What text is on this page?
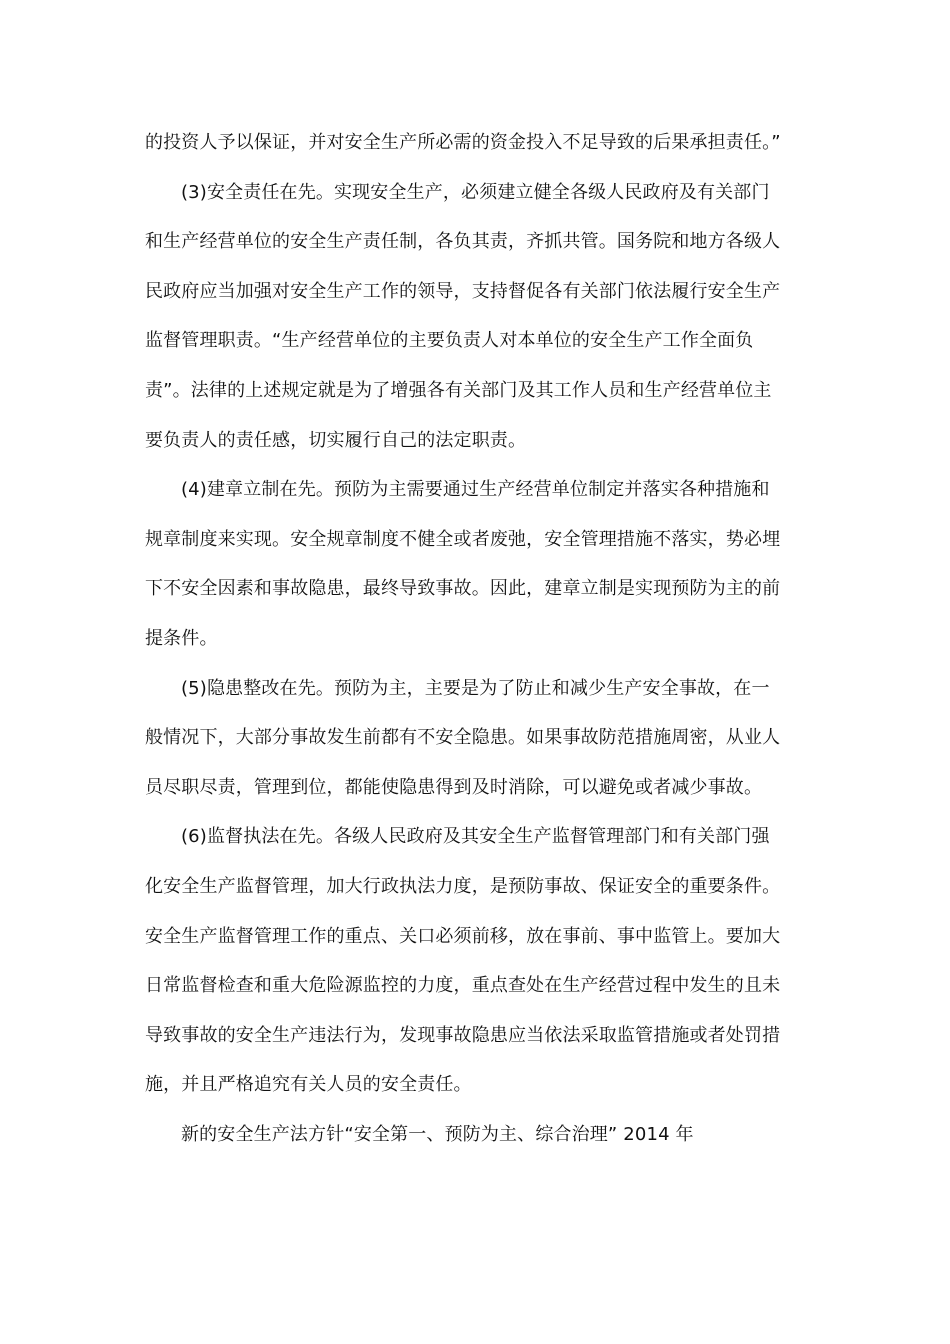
的投资人予以保证，并对安全生产所必需的资金投入不足导致的后果承担责任。”
(3)安全责任在先。实现安全生产，必须建立健全各级人民政府及有关部门
和生产经营单位的安全生产责任制，各负其责，齐抓共管。国务院和地方各级人
民政府应当加强对安全生产工作的领导，支持督促各有关部门依法履行安全生产
监督管理职责。“生产经营单位的主要负责人对本单位的安全生产工作全面负
责”。法律的上述规定就是为了增强各有关部门及其工作人员和生产经营单位主
要负责人的责任感，切实履行自己的法定职责。
(4)建章立制在先。预防为主需要通过生产经营单位制定并落实各种措施和
规章制度来实现。安全规章制度不健全或者废弛，安全管理措施不落实，势必埋
下不安全因素和事故隐患，最终导致事故。因此，建章立制是实现预防为主的前
提条件。
(5)隐患整改在先。预防为主，主要是为了防止和减少生产安全事故，在一
般情况下，大部分事故发生前都有不安全隐患。如果事故防范措施周密，从业人
员尽职尽责，管理到位，都能使隐患得到及时消除，可以避免或者减少事故。
(6)监督执法在先。各级人民政府及其安全生产监督管理部门和有关部门强
化安全生产监督管理，加大行政执法力度，是预防事故、保证安全的重要条件。
安全生产监督管理工作的重点、关口必须前移，放在事前、事中监管上。要加大
日常监督检查和重大危险源监控的力度，重点查处在生产经营过程中发生的且未
导致事故的安全生产违法行为，发现事故隐患应当依法采取监管措施或者处罚措
施，并且严格追究有关人员的安全责任。
新的安全生产法方针“安全第一、预防为主、综合治理” 2014 年
